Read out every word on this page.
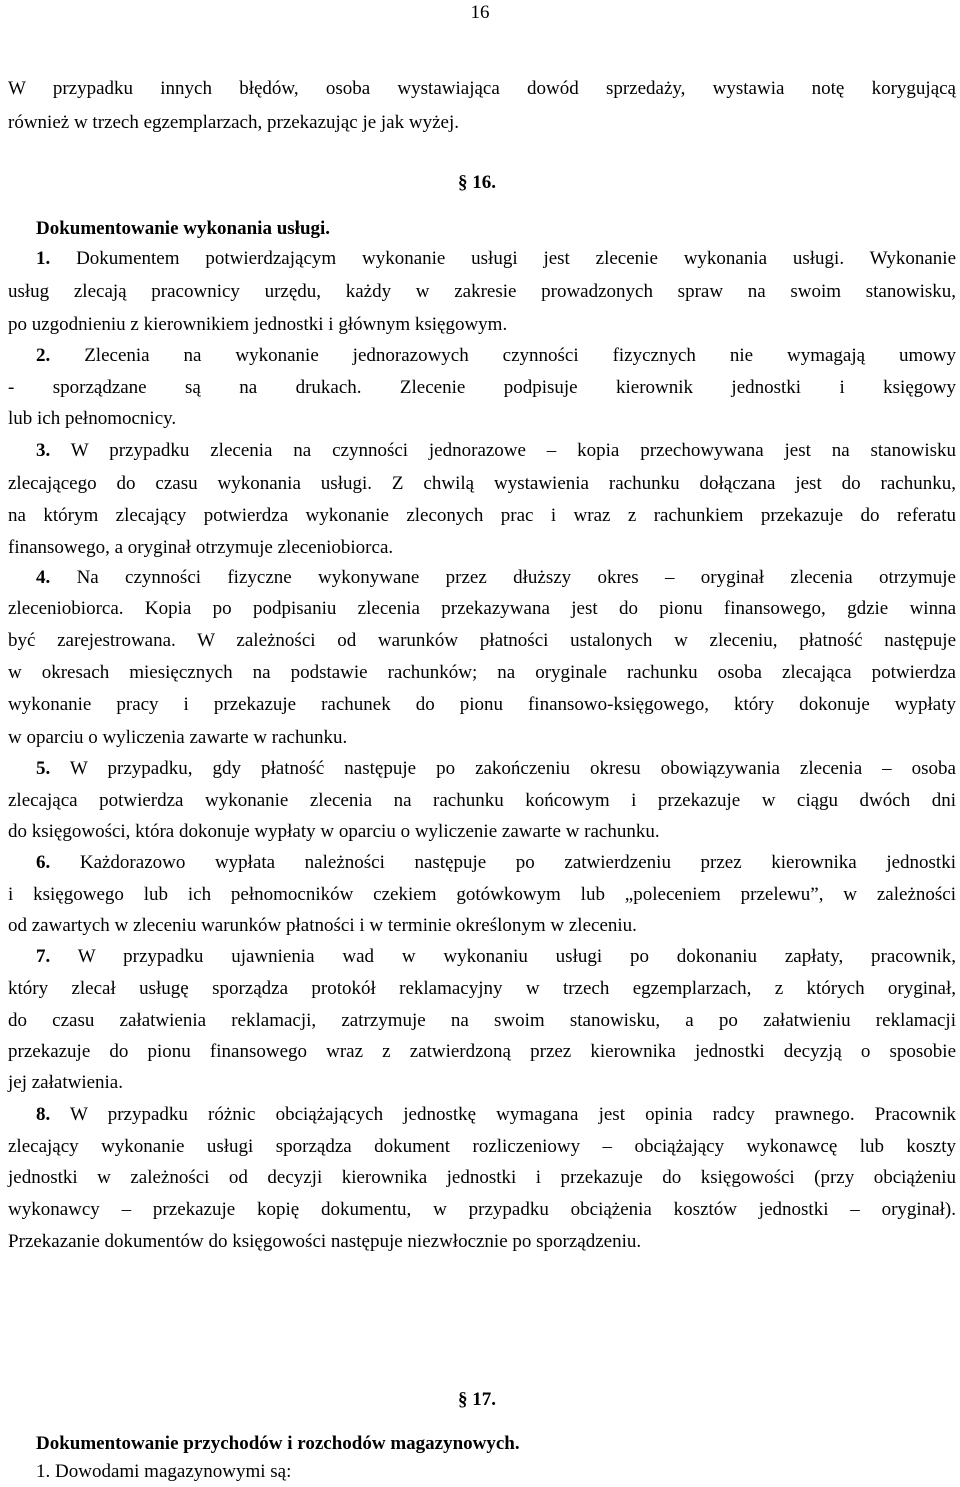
16
W przypadku innych błędów, osoba wystawiająca dowód sprzedaży, wystawia notę korygującą
również w trzech egzemplarzach, przekazując je jak wyżej.
§ 16.
Dokumentowanie wykonania usługi.
1. Dokumentem potwierdzającym wykonanie usługi jest zlecenie wykonania usługi. Wykonanie
usług zlecają pracownicy urzędu, każdy w zakresie prowadzonych spraw na swoim stanowisku,
po uzgodnieniu z kierownikiem jednostki i głównym księgowym.
2. Zlecenia na wykonanie jednorazowych czynności fizycznych nie wymagają umowy
- sporządzane są na drukach. Zlecenie podpisuje kierownik jednostki i księgowy
lub ich pełnomocnicy.
3. W przypadku zlecenia na czynności jednorazowe – kopia przechowywana jest na stanowisku
zlecającego do czasu wykonania usługi. Z chwilą wystawienia rachunku dołączana jest do rachunku,
na którym zlecający potwierdza wykonanie zleconych prac i wraz z rachunkiem przekazuje do referatu
finansowego, a oryginał otrzymuje zleceniobiorca.
4. Na czynności fizyczne wykonywane przez dłuższy okres – oryginał zlecenia otrzymuje
zleceniobiorca. Kopia po podpisaniu zlecenia przekazywana jest do pionu finansowego, gdzie winna
być zarejestrowana. W zależności od warunków płatności ustalonych w zleceniu, płatność następuje
w okresach miesięcznych na podstawie rachunków; na oryginale rachunku osoba zlecająca potwierdza
wykonanie pracy i przekazuje rachunek do pionu finansowo-księgowego, który dokonuje wypłaty
w oparciu o wyliczenia zawarte w rachunku.
5. W przypadku, gdy płatność następuje po zakończeniu okresu obowiązywania zlecenia – osoba
zlecająca potwierdza wykonanie zlecenia na rachunku końcowym i przekazuje w ciągu dwóch dni
do księgowości, która dokonuje wypłaty w oparciu o wyliczenie zawarte w rachunku.
6. Każdorazowo wypłata należności następuje po zatwierdzeniu przez kierownika jednostki
i księgowego lub ich pełnomocników czekiem gotówkowym lub „poleceniem przelewu”, w zależności
od zawartych w zleceniu warunków płatności i w terminie określonym w zleceniu.
7. W przypadku ujawnienia wad w wykonaniu usługi po dokonaniu zapłaty, pracownik,
który zlecał usługę sporządza protokół reklamacyjny w trzech egzemplarzach, z których oryginał,
do czasu załatwienia reklamacji, zatrzymuje na swoim stanowisku, a po załatwieniu reklamacji
przekazuje do pionu finansowego wraz z zatwierdzoną przez kierownika jednostki decyzją o sposobie
jej załatwienia.
8. W przypadku różnic obciążających jednostkę wymagana jest opinia radcy prawnego. Pracownik
zlecający wykonanie usługi sporządza dokument rozliczeniowy – obciążający wykonawcę lub koszty
jednostki w zależności od decyzji kierownika jednostki i przekazuje do księgowości (przy obciążeniu
wykonawcy – przekazuje kopię dokumentu, w przypadku obciążenia kosztów jednostki – oryginał).
Przekazanie dokumentów do księgowości następuje niezwłocznie po sporządzeniu.
§ 17.
Dokumentowanie przychodów i rozchodów magazynowych.
1. Dowodami magazynowymi są:
